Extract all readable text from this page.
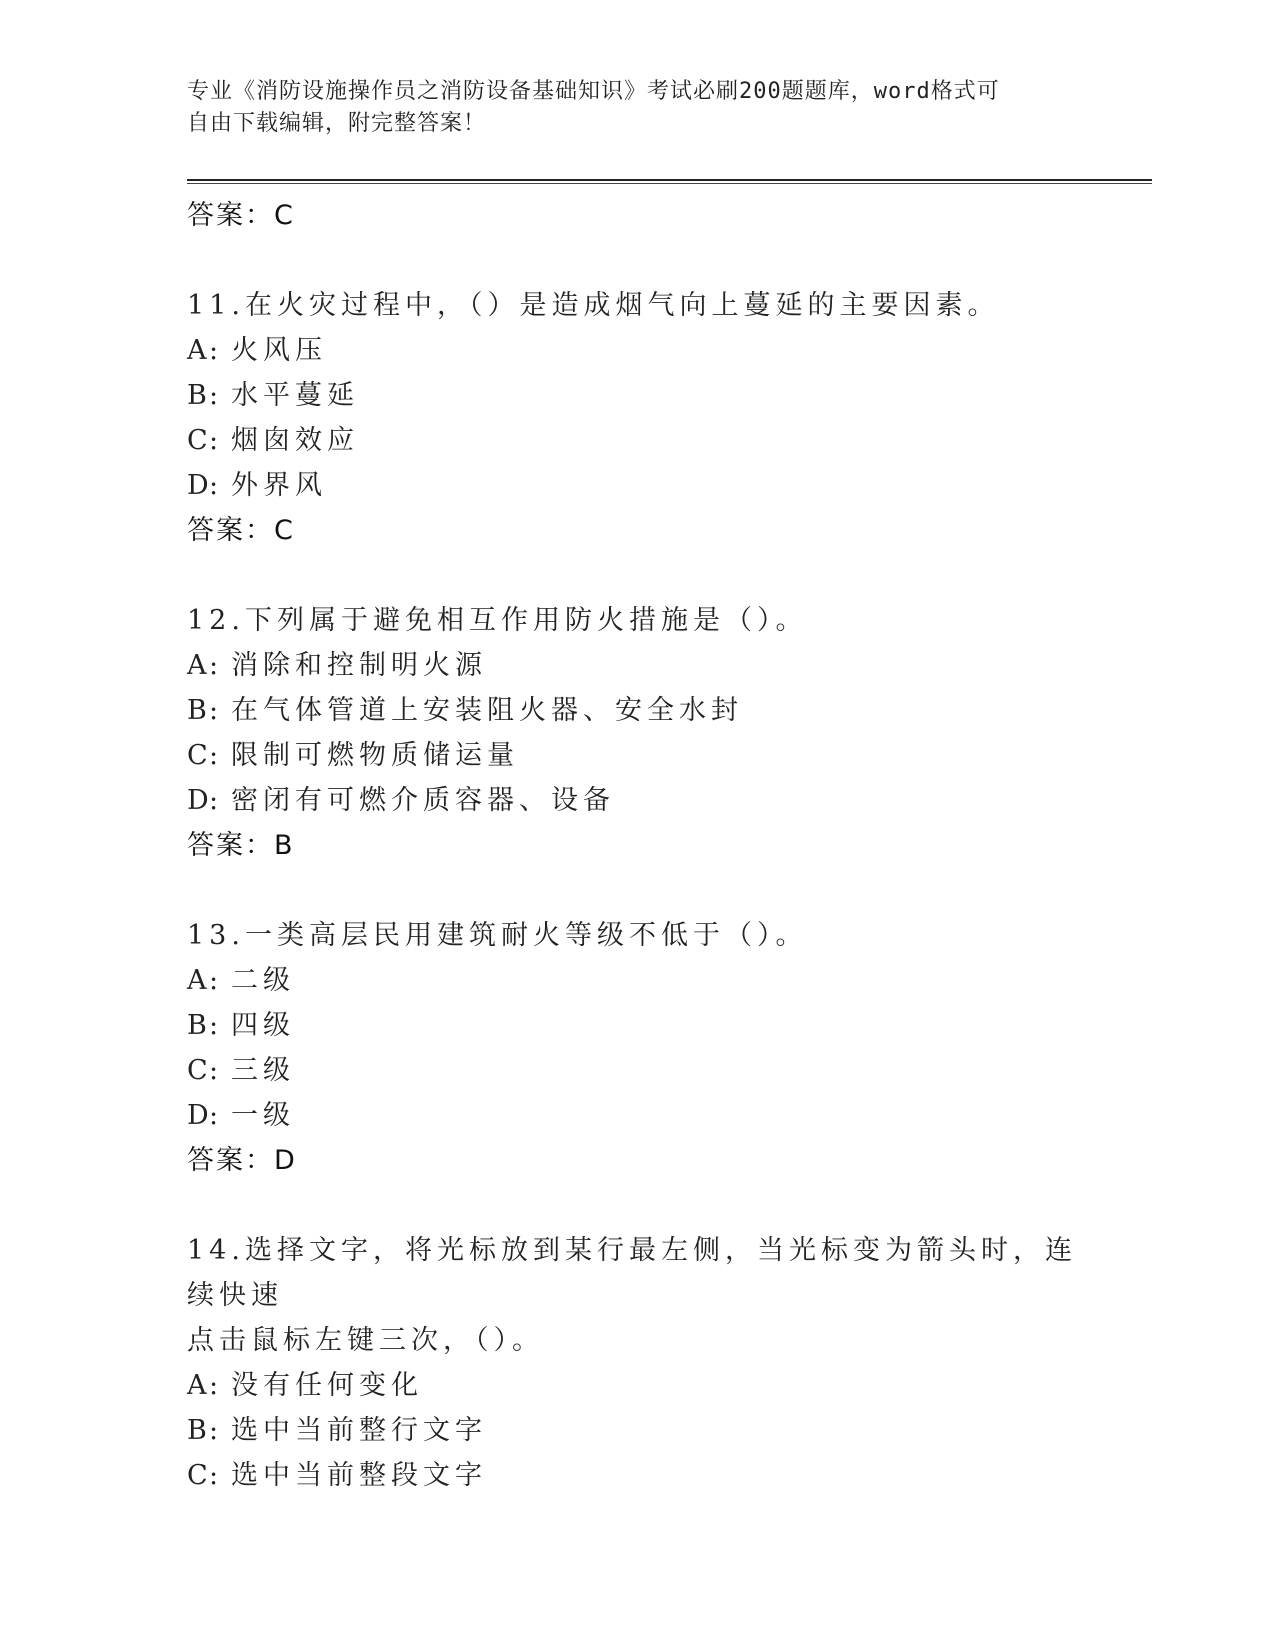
专业《消防设施操作员之消防设备基础知识》考试必刷200题题库，word格式可

自由下载编辑，附完整答案！

答案：C
11.在火灾过程中，（）是造成烟气向上蔓延的主要因素。
A: 火风压
B: 水平蔓延
C: 烟囱效应
D: 外界风
答案：C
12.下列属于避免相互作用防火措施是（）。
A: 消除和控制明火源
B: 在气体管道上安装阻火器、安全水封
C: 限制可燃物质储运量
D: 密闭有可燃介质容器、设备
答案：B
13.一类高层民用建筑耐火等级不低于（）。
A: 二级
B: 四级
C: 三级
D: 一级
答案：D
14.选择文字，将光标放到某行最左侧，当光标变为箭头时，连续快速
点击鼠标左键三次，（）。
A: 没有任何变化
B: 选中当前整行文字
C: 选中当前整段文字
